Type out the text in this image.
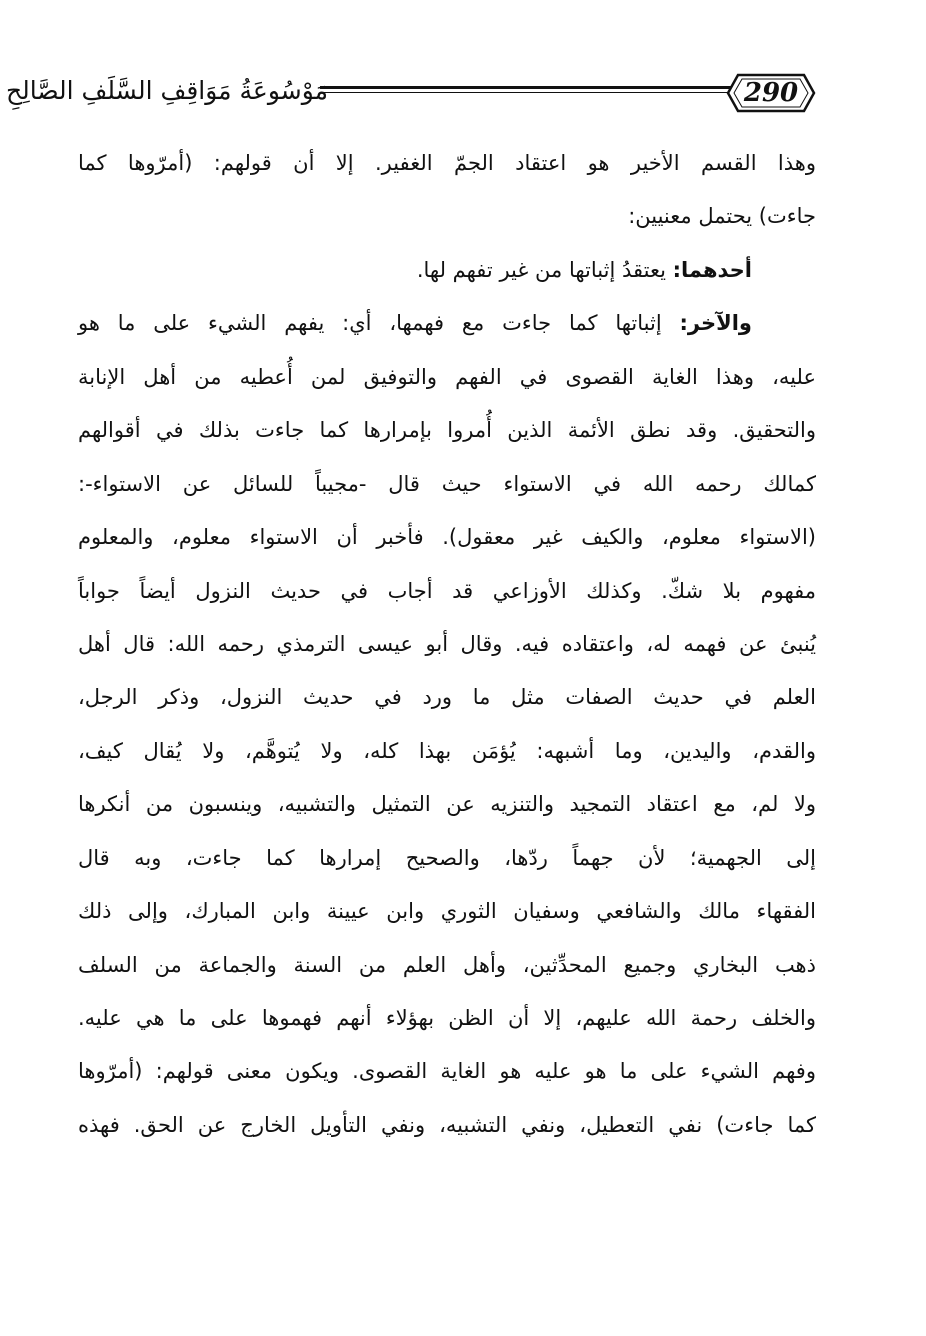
مَوْسُوعَةُ مَوَاقِفِ السَّلَفِ الصَّالِحِ	290
وهذا القسم الأخير هو اعتقاد الجمّ الغفير. إلا أن قولهم: (أمرّوها كما
جاءت) يحتمل معنيين:
أحدهما: يعتقدُ إثباتها من غير تفهم لها.
والآخر: إثباتها كما جاءت مع فهمها، أي: يفهم الشيء على ما هو
عليه، وهذا الغاية القصوى في الفهم والتوفيق لمن أُعطيه من أهل الإنابة
والتحقيق. وقد نطق الأئمة الذين أُمروا بإمرارها كما جاءت بذلك في أقوالهم
كمالك رحمه الله في الاستواء حيث قال -مجيباً للسائل عن الاستواء-:
(الاستواء معلوم، والكيف غير معقول). فأخبر أن الاستواء معلوم، والمعلوم
مفهوم بلا شكّ. وكذلك الأوزاعي قد أجاب في حديث النزول أيضاً جواباً
يُنبئ عن فهمه له، واعتقاده فيه. وقال أبو عيسى الترمذي رحمه الله: قال أهل
العلم في حديث الصفات مثل ما ورد في حديث النزول، وذكر الرجل،
والقدم، واليدين، وما أشبهه: يُؤمَن بهذا كله، ولا يُتوهَّم، ولا يُقال كيف،
ولا لم، مع اعتقاد التمجيد والتنزيه عن التمثيل والتشبيه، وينسبون من أنكرها
إلى الجهمية؛ لأن جهماً ردّها، والصحيح إمرارها كما جاءت، وبه قال
الفقهاء مالك والشافعي وسفيان الثوري وابن عيينة وابن المبارك، وإلى ذلك
ذهب البخاري وجميع المحدِّثين، وأهل العلم من السنة والجماعة من السلف
والخلف رحمة الله عليهم، إلا أن الظن بهؤلاء أنهم فهموها على ما هي عليه.
وفهم الشيء على ما هو عليه هو الغاية القصوى. ويكون معنى قولهم: (أمرّوها
كما جاءت) نفي التعطيل، ونفي التشبيه، ونفي التأويل الخارج عن الحق. فهذه
